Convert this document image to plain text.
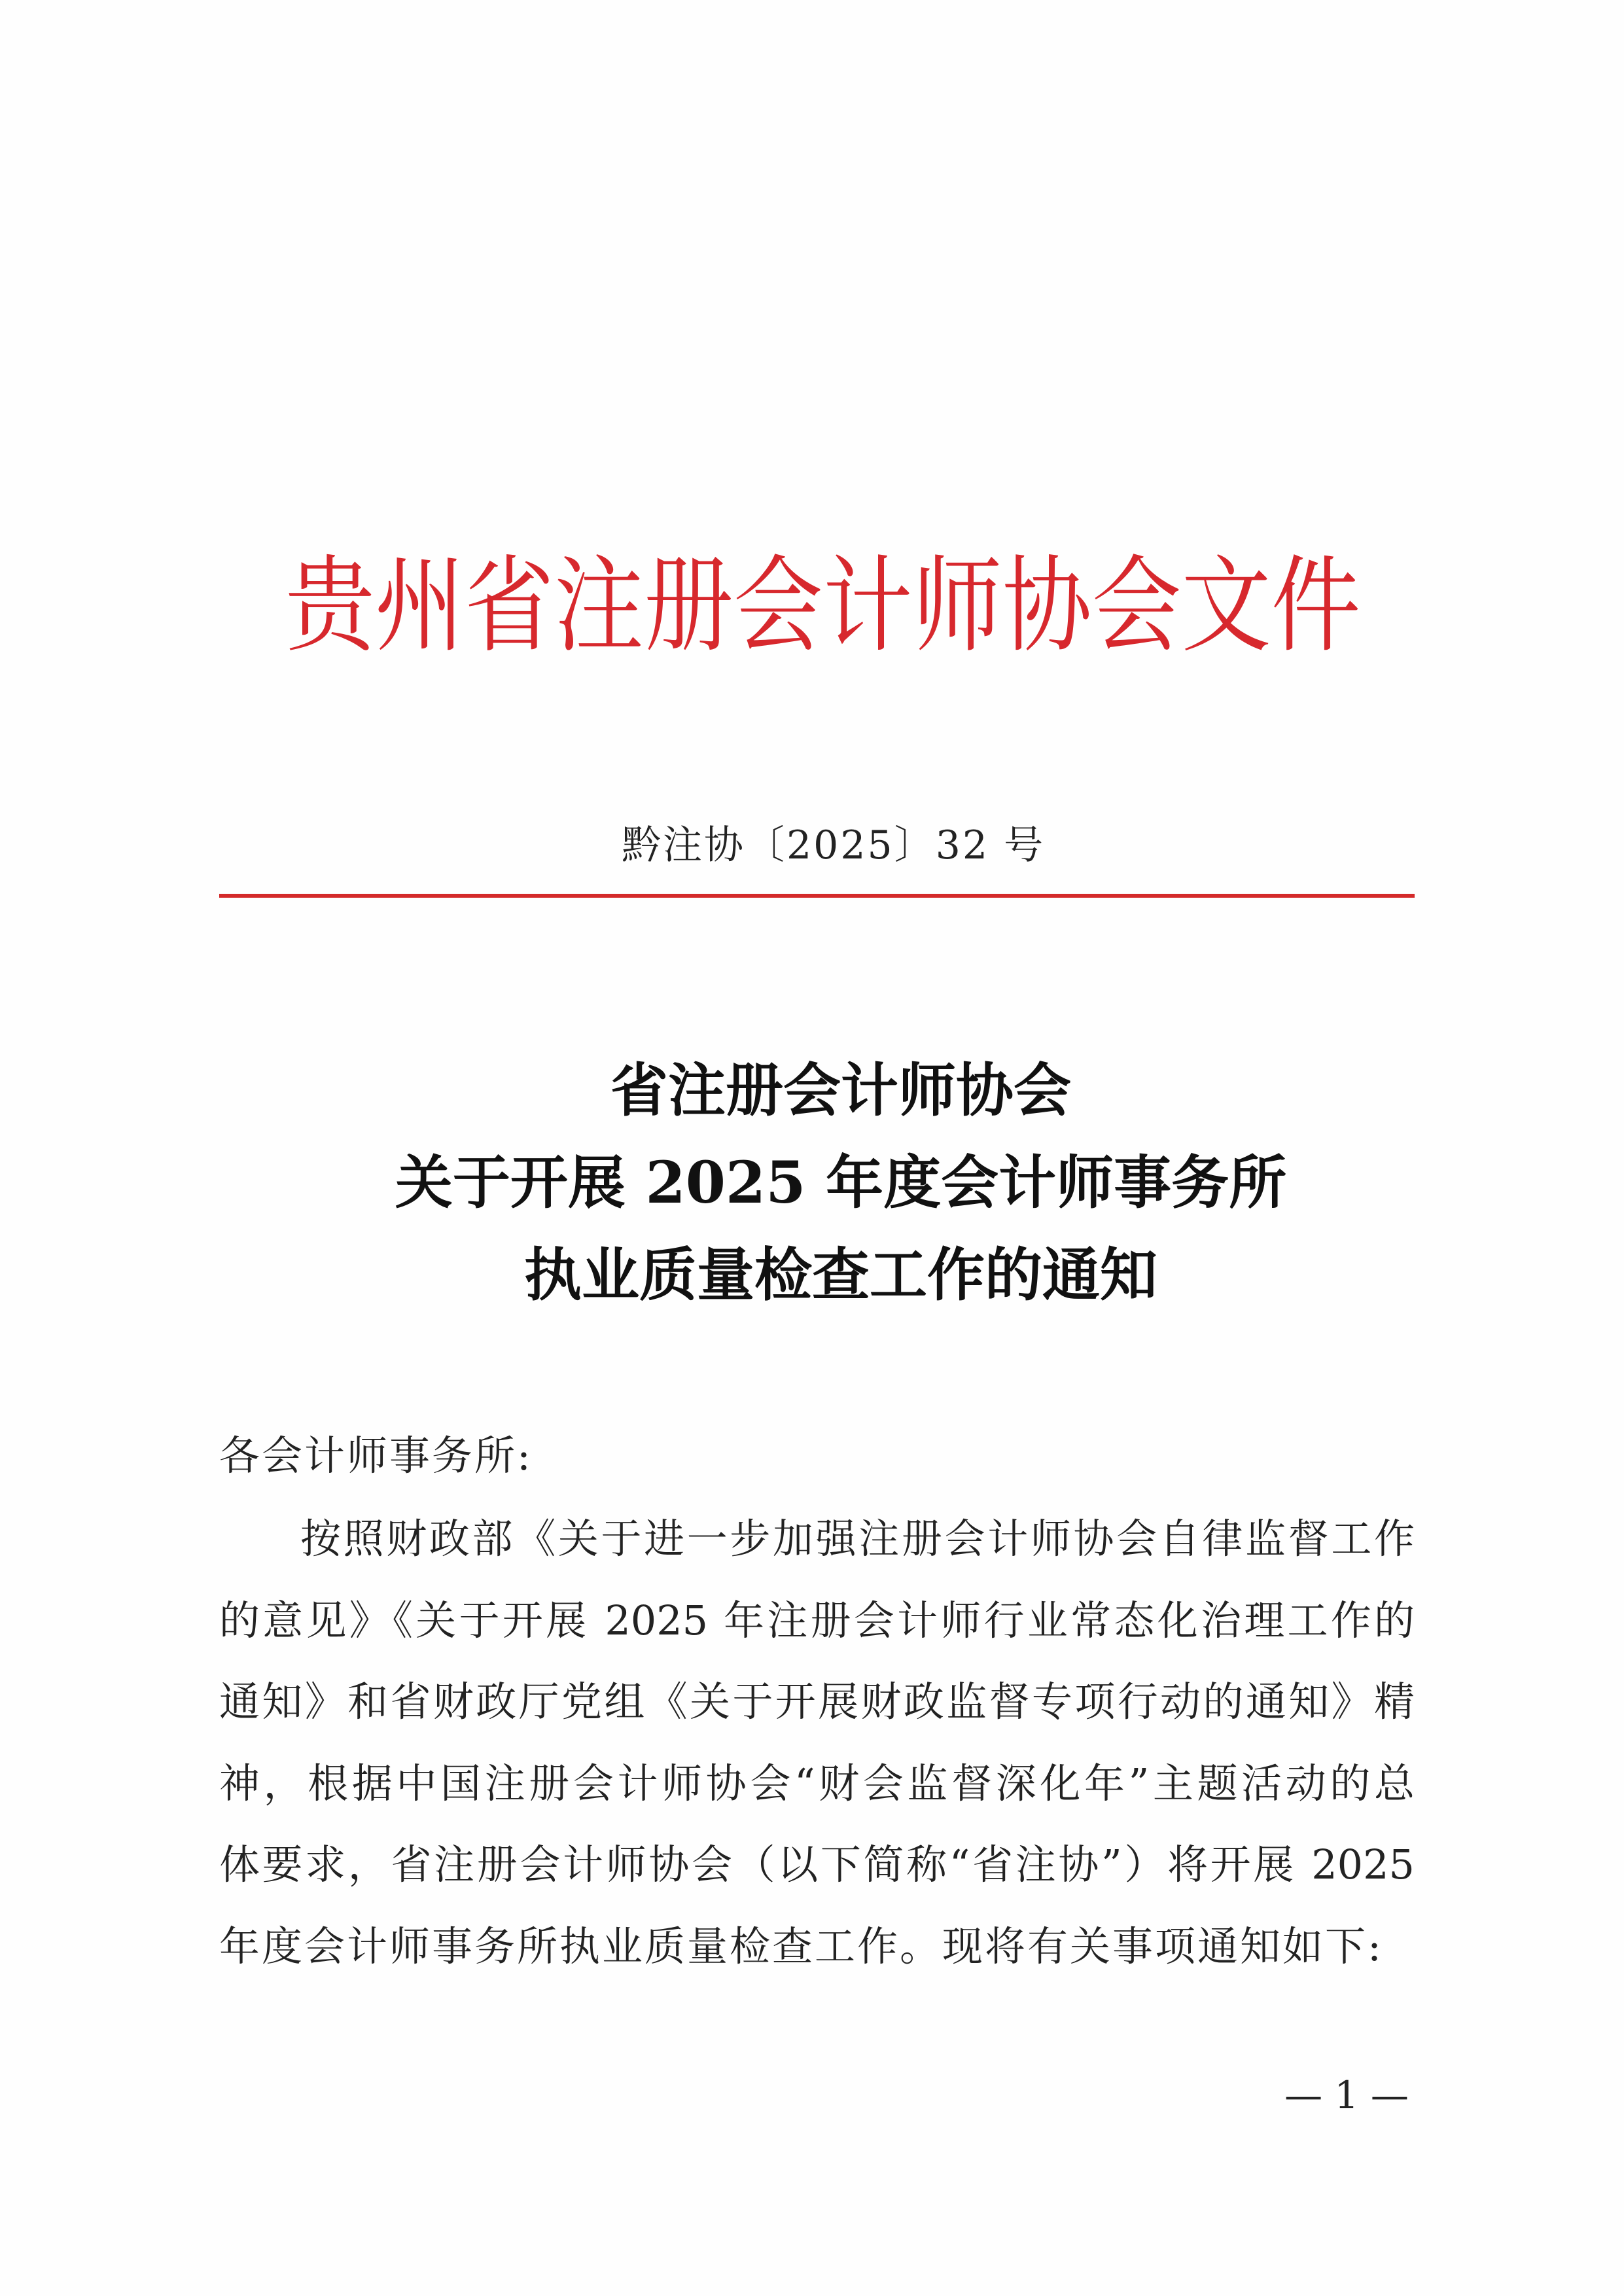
贵州省注册会计师协会文件
黔注协〔2025〕32 号
省注册会计师协会
关于开展 2025 年度会计师事务所
执业质量检查工作的通知
各会计师事务所:
按照财政部《关于进一步加强注册会计师协会自律监督工作
的意见》《关于开展 2025 年注册会计师行业常态化治理工作的
通知》和省财政厅党组《关于开展财政监督专项行动的通知》精
神，根据中国注册会计师协会“财会监督深化年”主题活动的总
体要求，省注册会计师协会（以下简称“省注协”）将开展 2025
年度会计师事务所执业质量检查工作。现将有关事项通知如下:
— 1 —
